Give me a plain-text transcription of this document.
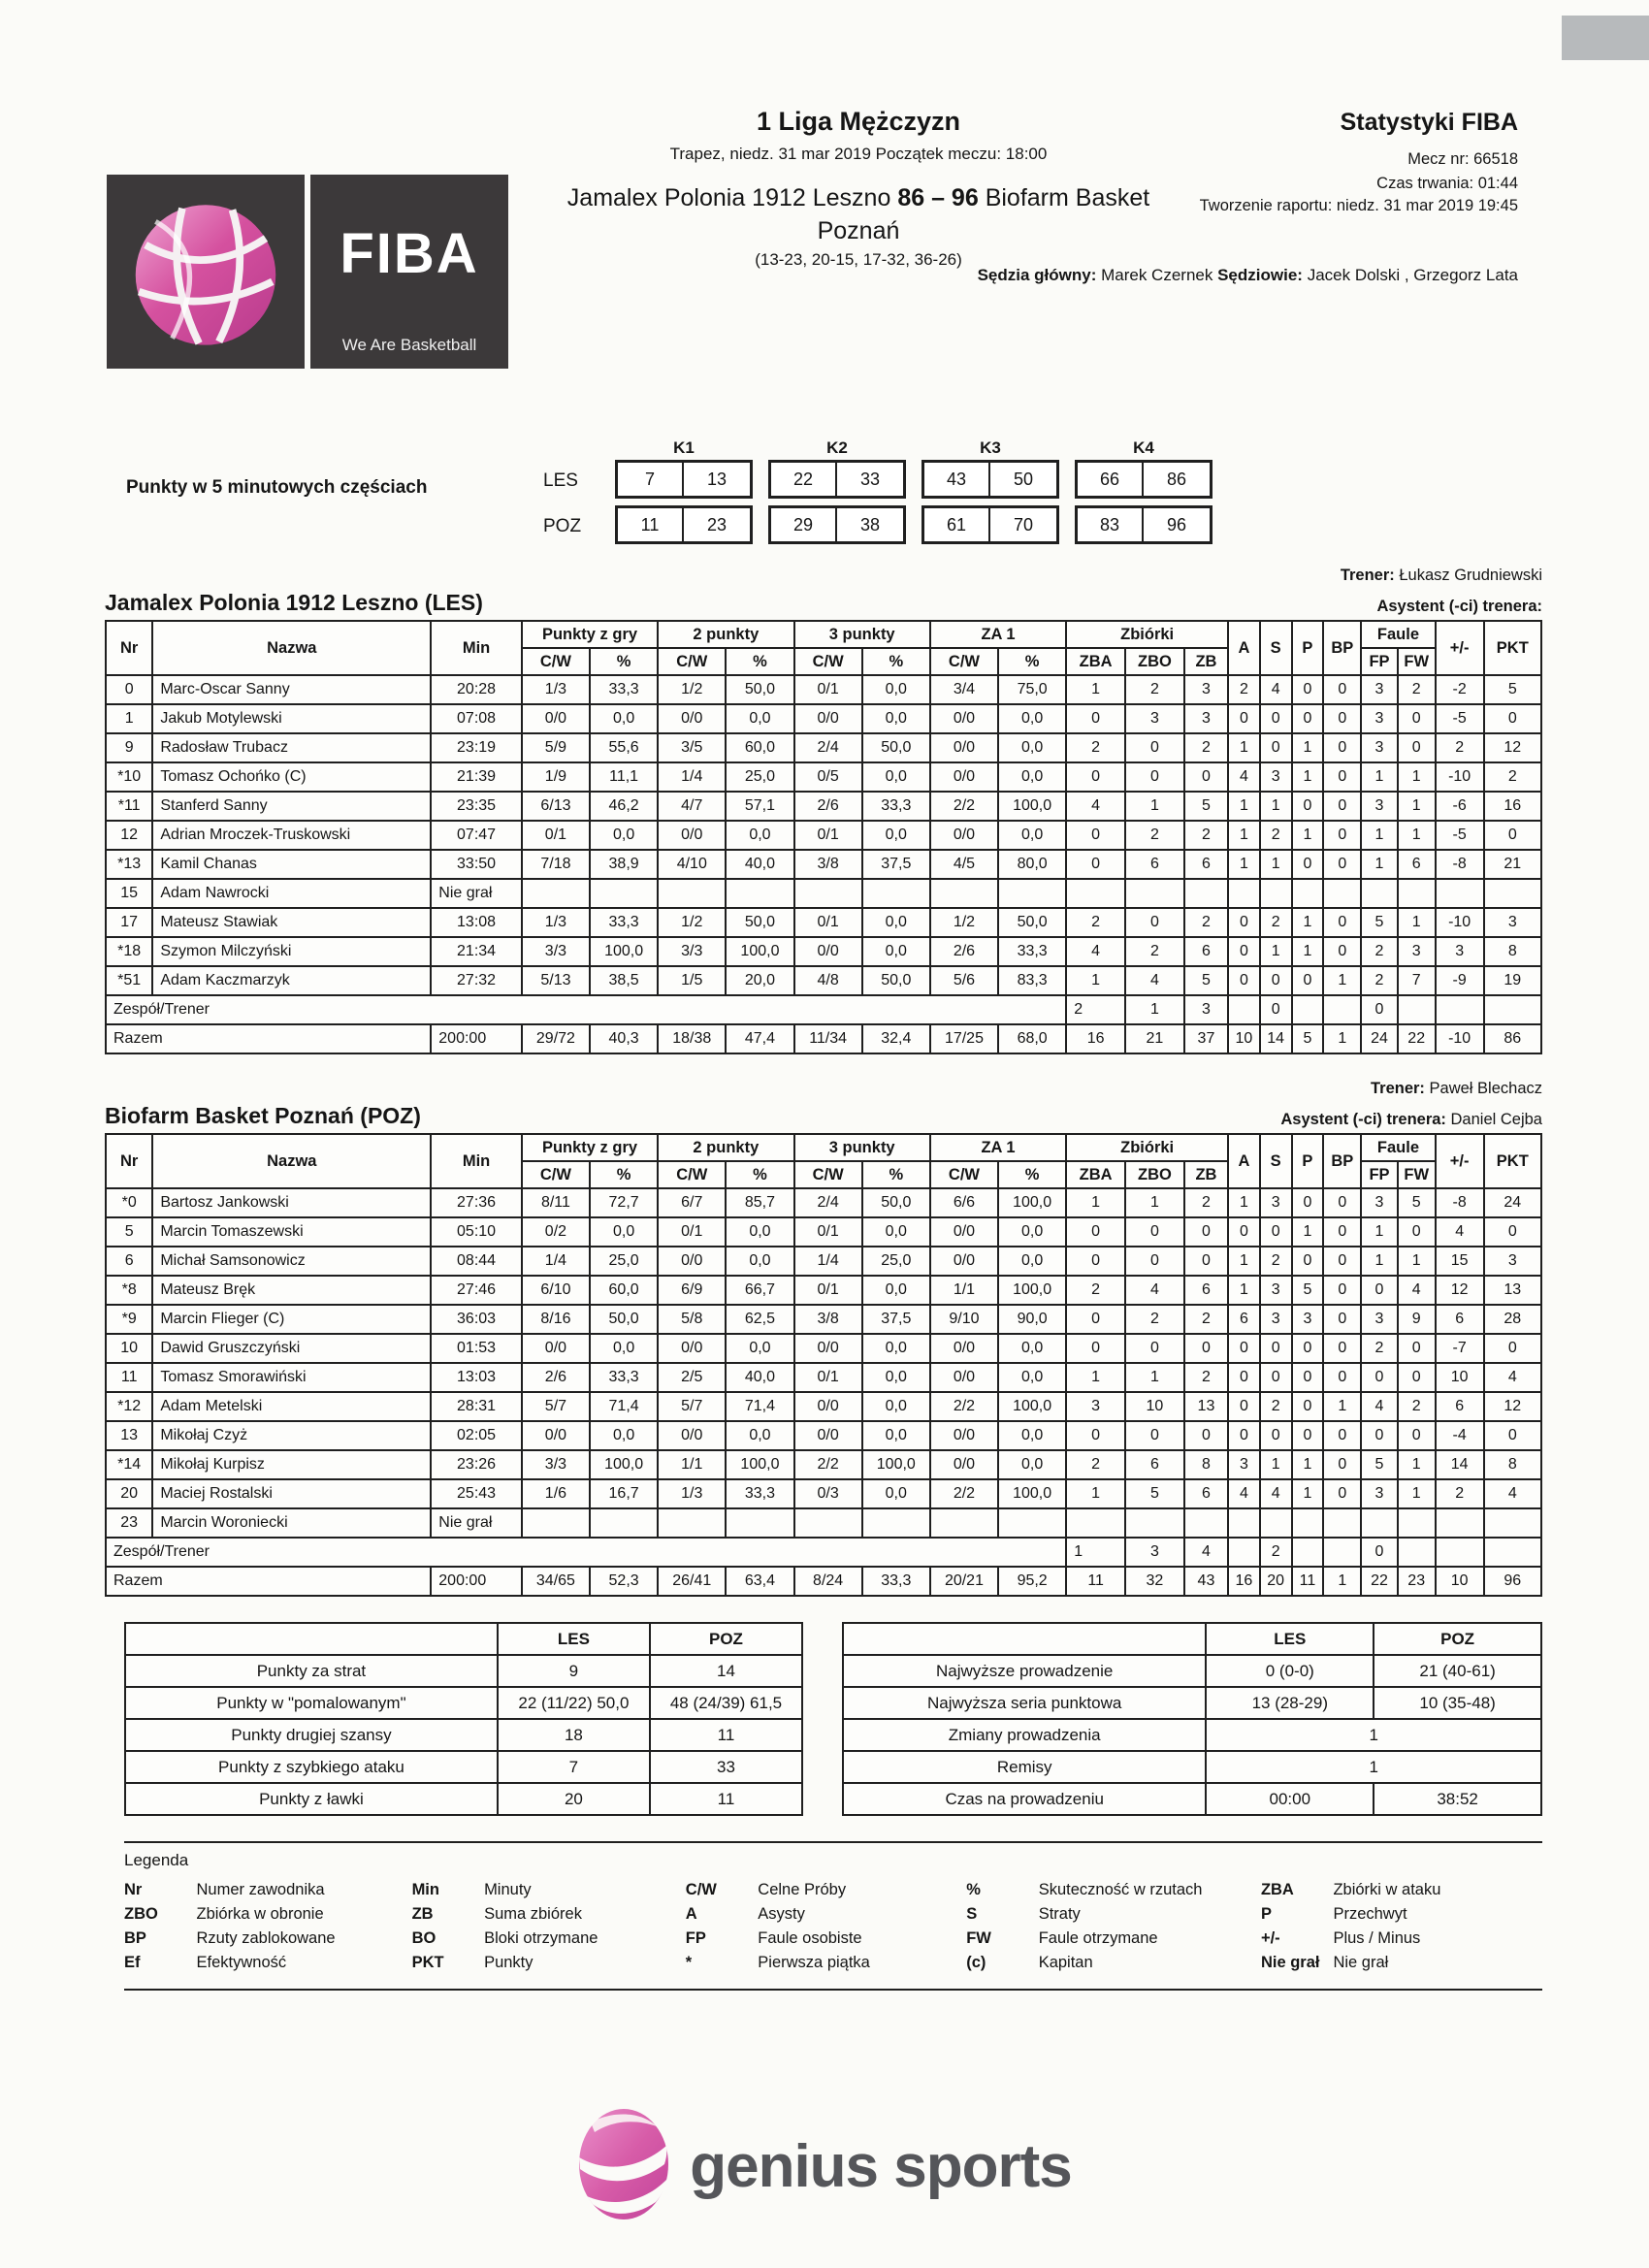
FIBA
We Are Basketball
1 Liga Mężczyzn
Trapez, niedz. 31 mar 2019 Początek meczu: 18:00
Statystyki FIBA
Mecz nr: 66518
Czas trwania: 01:44
Tworzenie raportu: niedz. 31 mar 2019 19:45
Jamalex Polonia 1912 Leszno 86 – 96 Biofarm Basket
Poznań
(13-23, 20-15, 17-32, 36-26)
Sędzia główny: Marek Czernek Sędziowie: Jacek Dolski , Grzegorz Lata
Punkty w 5 minutowych częściach
K1	K2	K3	K4
LES	7	13	22	33	43	50	66	86
POZ	11	23	29	38	61	70	83	96
Trener: Łukasz Grudniewski
Jamalex Polonia 1912 Leszno (LES)	Asystent (-ci) trenera:
Nr	Nazwa	Min	Punkty z gry		2 punkty		3 punkty		ZA 1		Zbiórki			A	S	P	BP	Faule		+/-	PKT
			C/W	%	C/W	%	C/W	%	C/W	%	ZBA	ZBO	ZB					FP	FW		
0	Marc-Oscar Sanny	20:28	1/3	33,3	1/2	50,0	0/1	0,0	3/4	75,0	1	2	3	2	4	0	0	3	2	-2	5
1	Jakub Motylewski	07:08	0/0	0,0	0/0	0,0	0/0	0,0	0/0	0,0	0	3	3	0	0	0	0	3	0	-5	0
9	Radosław Trubacz	23:19	5/9	55,6	3/5	60,0	2/4	50,0	0/0	0,0	2	0	2	1	0	1	0	3	0	2	12
*10	Tomasz Ochońko (C)	21:39	1/9	11,1	1/4	25,0	0/5	0,0	0/0	0,0	0	0	0	4	3	1	0	1	1	-10	2
*11	Stanferd Sanny	23:35	6/13	46,2	4/7	57,1	2/6	33,3	2/2	100,0	4	1	5	1	1	0	0	3	1	-6	16
12	Adrian Mroczek-Truskowski	07:47	0/1	0,0	0/0	0,0	0/1	0,0	0/0	0,0	0	2	2	1	2	1	0	1	1	-5	0
*13	Kamil Chanas	33:50	7/18	38,9	4/10	40,0	3/8	37,5	4/5	80,0	0	6	6	1	1	0	0	1	6	-8	21
15	Adam Nawrocki	Nie grał																			
17	Mateusz Stawiak	13:08	1/3	33,3	1/2	50,0	0/1	0,0	1/2	50,0	2	0	2	0	2	1	0	5	1	-10	3
*18	Szymon Milczyński	21:34	3/3	100,0	3/3	100,0	0/0	0,0	2/6	33,3	4	2	6	0	1	1	0	2	3	3	8
*51	Adam Kaczmarzyk	27:32	5/13	38,5	1/5	20,0	4/8	50,0	5/6	83,3	1	4	5	0	0	0	1	2	7	-9	19
Zespół/Trener											2	1	3		0			0			
Razem		200:00	29/72	40,3	18/38	47,4	11/34	32,4	17/25	68,0	16	21	37	10	14	5	1	24	22	-10	86
Trener: Paweł Blechacz
Biofarm Basket Poznań (POZ)	Asystent (-ci) trenera: Daniel Cejba
Nr	Nazwa	Min	Punkty z gry		2 punkty		3 punkty		ZA 1		Zbiórki			A	S	P	BP	Faule		+/-	PKT
			C/W	%	C/W	%	C/W	%	C/W	%	ZBA	ZBO	ZB					FP	FW		
*0	Bartosz Jankowski	27:36	8/11	72,7	6/7	85,7	2/4	50,0	6/6	100,0	1	1	2	1	3	0	0	3	5	-8	24
5	Marcin Tomaszewski	05:10	0/2	0,0	0/1	0,0	0/1	0,0	0/0	0,0	0	0	0	0	0	1	0	1	0	4	0
6	Michał Samsonowicz	08:44	1/4	25,0	0/0	0,0	1/4	25,0	0/0	0,0	0	0	0	1	2	0	0	1	1	15	3
*8	Mateusz Bręk	27:46	6/10	60,0	6/9	66,7	0/1	0,0	1/1	100,0	2	4	6	1	3	5	0	0	4	12	13
*9	Marcin Flieger (C)	36:03	8/16	50,0	5/8	62,5	3/8	37,5	9/10	90,0	0	2	2	6	3	3	0	3	9	6	28
10	Dawid Gruszczyński	01:53	0/0	0,0	0/0	0,0	0/0	0,0	0/0	0,0	0	0	0	0	0	0	0	2	0	-7	0
11	Tomasz Smorawiński	13:03	2/6	33,3	2/5	40,0	0/1	0,0	0/0	0,0	1	1	2	0	0	0	0	0	0	10	4
*12	Adam Metelski	28:31	5/7	71,4	5/7	71,4	0/0	0,0	2/2	100,0	3	10	13	0	2	0	1	4	2	6	12
13	Mikołaj Czyż	02:05	0/0	0,0	0/0	0,0	0/0	0,0	0/0	0,0	0	0	0	0	0	0	0	0	0	-4	0
*14	Mikołaj Kurpisz	23:26	3/3	100,0	1/1	100,0	2/2	100,0	0/0	0,0	2	6	8	3	1	1	0	5	1	14	8
20	Maciej Rostalski	25:43	1/6	16,7	1/3	33,3	0/3	0,0	2/2	100,0	1	5	6	4	4	1	0	3	1	2	4
23	Marcin Woroniecki	Nie grał																			
Zespół/Trener											1	3	4		2			0			
Razem		200:00	34/65	52,3	26/41	63,4	8/24	33,3	20/21	95,2	11	32	43	16	20	11	1	22	23	10	96
	LES	POZ
Punkty za strat	9	14
Punkty w "pomalowanym"	22 (11/22) 50,0	48 (24/39) 61,5
Punkty drugiej szansy	18	11
Punkty z szybkiego ataku	7	33
Punkty z ławki	20	11
	LES	POZ
Najwyższe prowadzenie	0 (0-0)	21 (40-61)
Najwyższa seria punktowa	13 (28-29)	10 (35-48)
Zmiany prowadzenia	1	
Remisy	1	
Czas na prowadzeniu	00:00	38:52
Legenda
Nr	Numer zawodnika	Min	Minuty	C/W	Celne Próby	%	Skuteczność w rzutach	ZBA	Zbiórki w ataku
ZBO	Zbiórka w obronie	ZB	Suma zbiórek	A	Asysty	S	Straty	P	Przechwyt
BP	Rzuty zablokowane	BO	Bloki otrzymane	FP	Faule osobiste	FW	Faule otrzymane	+/-	Plus / Minus
Ef	Efektywność	PKT	Punkty	*	Pierwsza piątka	(c)	Kapitan	Nie grał	Nie grał
genius sports
